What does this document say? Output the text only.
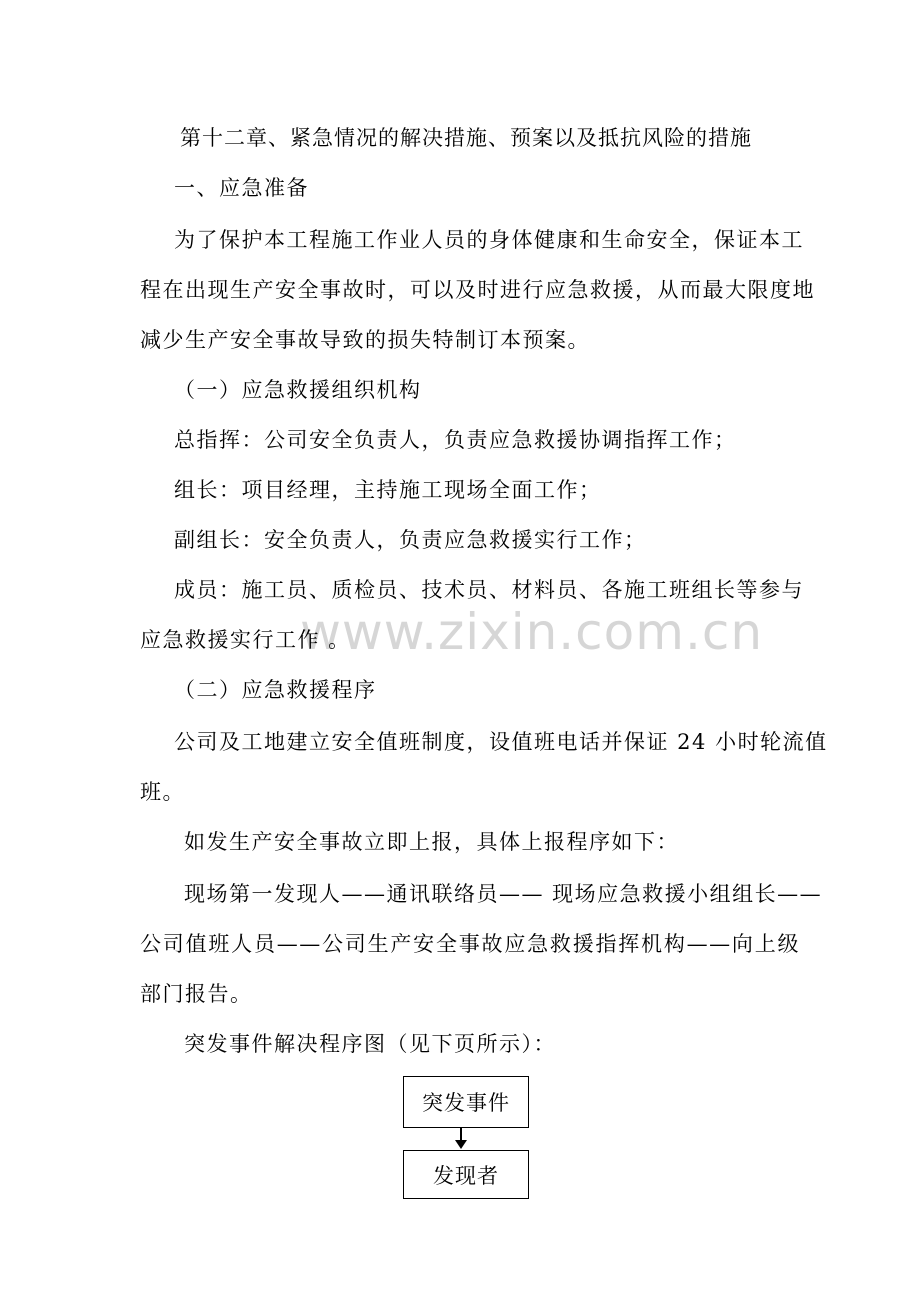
www.zixin.com.cn
第十二章、紧急情况的解决措施、预案以及抵抗风险的措施
一、应急准备
为了保护本工程施工作业人员的身体健康和生命安全，保证本工
程在出现生产安全事故时，可以及时进行应急救援，从而最大限度地
减少生产安全事故导致的损失特制订本预案。
（一）应急救援组织机构
总指挥：公司安全负责人，负责应急救援协调指挥工作；
组长：项目经理，主持施工现场全面工作；
副组长：安全负责人，负责应急救援实行工作；
成员：施工员、质检员、技术员、材料员、各施工班组长等参与
应急救援实行工作 。
（二）应急救援程序
公司及工地建立安全值班制度，设值班电话并保证 24 小时轮流值
班。
如发生产安全事故立即上报，具体上报程序如下：
现场第一发现人——通讯联络员—— 现场应急救援小组组长——
公司值班人员——公司生产安全事故应急救援指挥机构——向上级
部门报告。
突发事件解决程序图（见下页所示）：
突发事件
发现者
